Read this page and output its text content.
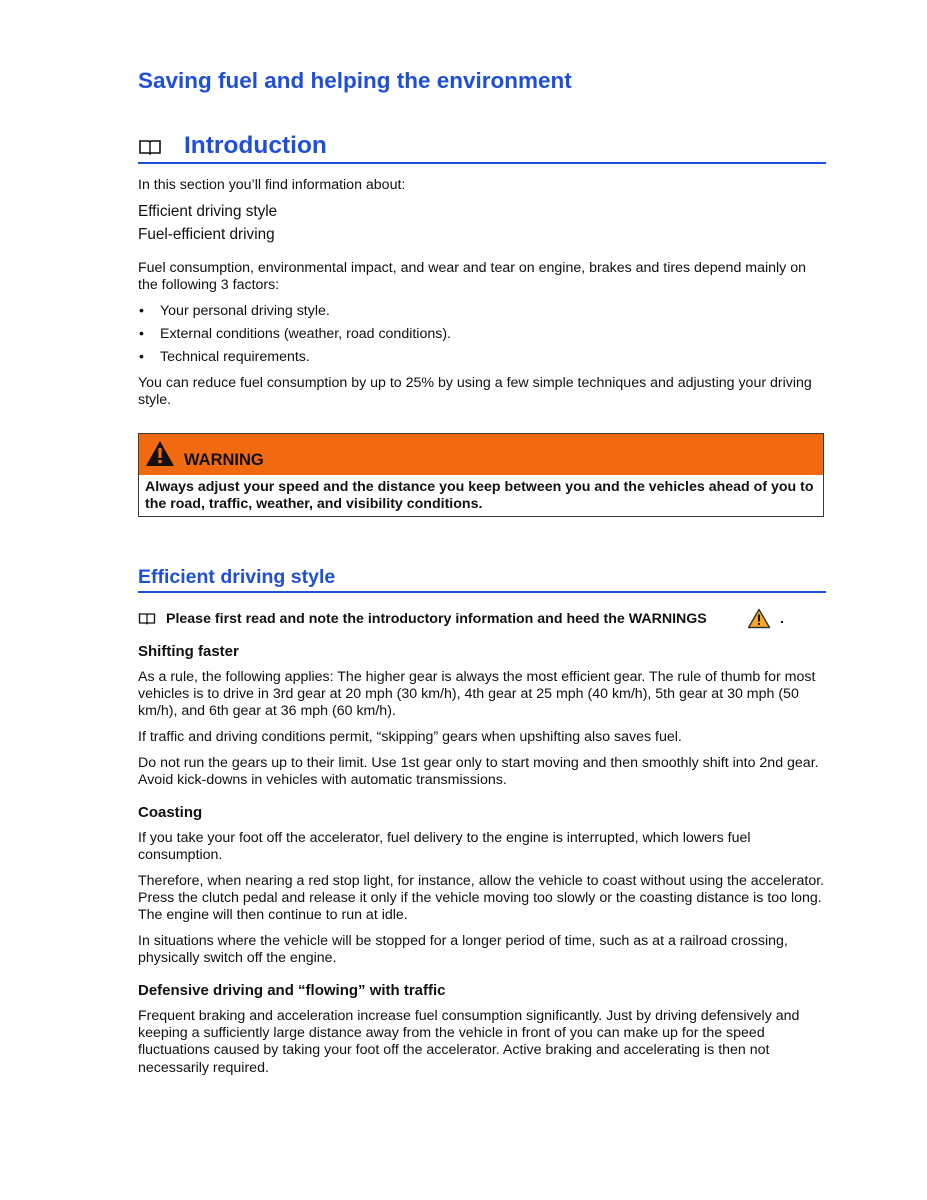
Saving fuel and helping the environment
Introduction

In this section you’ll find information about:

Efficient driving style

Fuel-efficient driving

Fuel consumption, environmental impact, and wear and tear on engine, brakes and tires depend mainly on the following 3 factors:

• Your personal driving style.
• External conditions (weather, road conditions).
• Technical requirements.

You can reduce fuel consumption by up to 25% by using a few simple techniques and adjusting your driving style.

WARNING

Always adjust your speed and the distance you keep between you and the vehicles ahead of you to the road, traffic, weather, and visibility conditions.

Efficient driving style
Please first read and note the introductory information and heed the WARNINGS	.
Shifting faster

As a rule, the following applies: The higher gear is always the most efficient gear. The rule of thumb for most vehicles is to drive in 3rd gear at 20 mph (30 km/h), 4th gear at 25 mph (40 km/h), 5th gear at 30 mph (50 km/h), and 6th gear at 36 mph (60 km/h).

If traffic and driving conditions permit, “skipping” gears when upshifting also saves fuel.

Do not run the gears up to their limit. Use 1st gear only to start moving and then smoothly shift into 2nd gear. Avoid kick-downs in vehicles with automatic transmissions.

Coasting

If you take your foot off the accelerator, fuel delivery to the engine is interrupted, which lowers fuel consumption.

Therefore, when nearing a red stop light, for instance, allow the vehicle to coast without using the accelerator. Press the clutch pedal and release it only if the vehicle moving too slowly or the coasting distance is too long. The engine will then continue to run at idle.

In situations where the vehicle will be stopped for a longer period of time, such as at a railroad crossing, physically switch off the engine.

Defensive driving and “flowing” with traffic

Frequent braking and acceleration increase fuel consumption significantly. Just by driving defensively and keeping a sufficiently large distance away from the vehicle in front of you can make up for the speed fluctuations caused by taking your foot off the accelerator. Active braking and accelerating is then not necessarily required.
